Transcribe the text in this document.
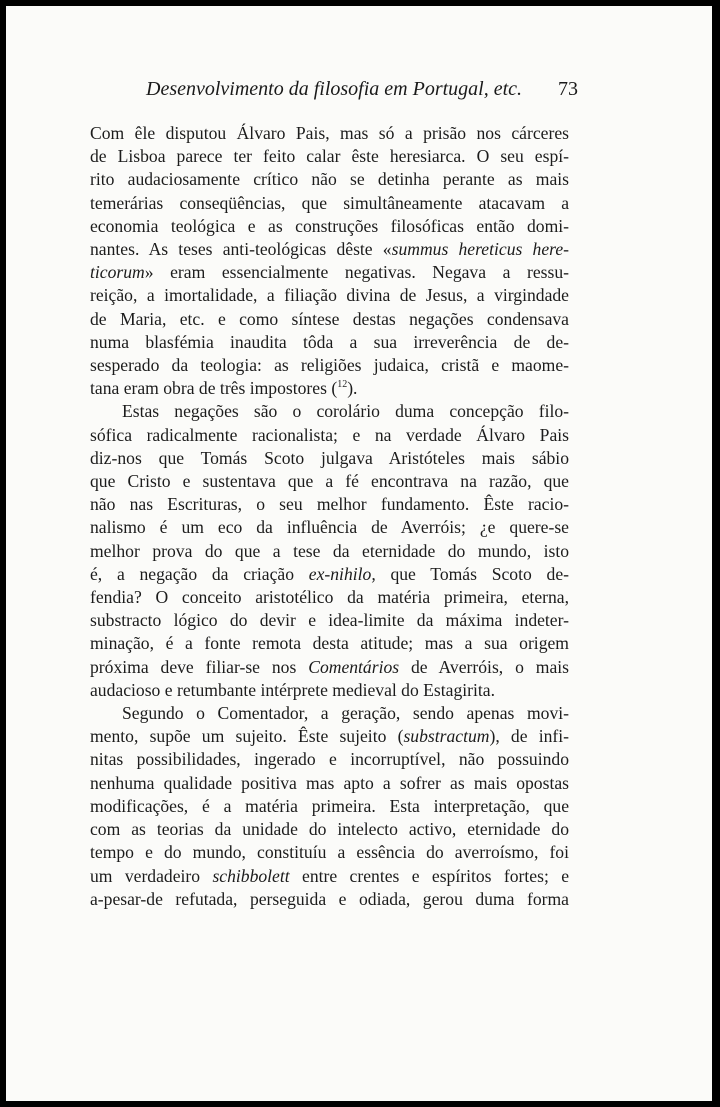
Desenvolvimento da filosofia em Portugal, etc. 73
Com êle disputou Álvaro Pais, mas só a prisão nos cárceres
de Lisboa parece ter feito calar êste heresiarca. O seu espí-
rito audaciosamente crítico não se detinha perante as mais
temerárias conseqüências, que simultâneamente atacavam a
economia teológica e as construções filosóficas então domi-
nantes. As teses anti-teológicas dêste «summus hereticus here-
ticorum» eram essencialmente negativas. Negava a ressu-
reição, a imortalidade, a filiação divina de Jesus, a virgindade
de Maria, etc. e como síntese destas negações condensava
numa blasfémia inaudita tôda a sua irreverência de de-
sesperado da teologia: as religiões judaica, cristã e maome-
tana eram obra de três impostores ($^{12}$).
Estas negações são o corolário duma concepção filo-
sófica radicalmente racionalista; e na verdade Álvaro Pais
diz-nos que Tomás Scoto julgava Aristóteles mais sábio
que Cristo e sustentava que a fé encontrava na razão, que
não nas Escrituras, o seu melhor fundamento. Êste racio-
nalismo é um eco da influência de Averróis; ¿e quere-se
melhor prova do que a tese da eternidade do mundo, isto
é, a negação da criação ex-nihilo, que Tomás Scoto de-
fendia? O conceito aristotélico da matéria primeira, eterna,
substracto lógico do devir e idea-limite da máxima indeter-
minação, é a fonte remota desta atitude; mas a sua origem
próxima deve filiar-se nos Comentários de Averróis, o mais
audacioso e retumbante intérprete medieval do Estagirita.
Segundo o Comentador, a geração, sendo apenas movi-
mento, supõe um sujeito. Êste sujeito (substractum), de infi-
nitas possibilidades, ingerado e incorruptível, não possuindo
nenhuma qualidade positiva mas apto a sofrer as mais opostas
modificações, é a matéria primeira. Esta interpretação, que
com as teorias da unidade do intelecto activo, eternidade do
tempo e do mundo, constituíu a essência do averroísmo, foi
um verdadeiro schibbolett entre crentes e espíritos fortes; e
a-pesar-de refutada, perseguida e odiada, gerou duma forma
